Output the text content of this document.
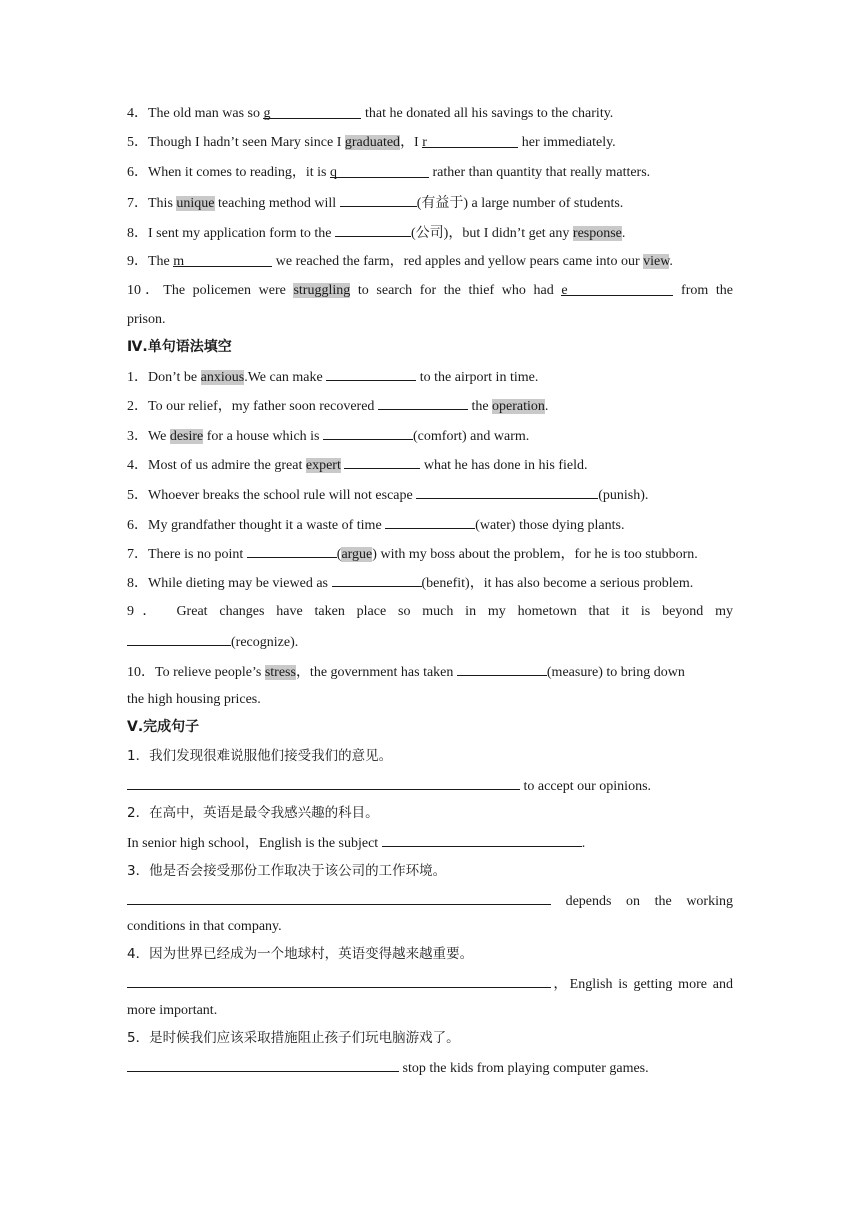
4．The old man was so g	that he donated all his savings to the charity.
5．Though I hadn’t seen Mary since I graduated，I r	her immediately.
6．When it comes to reading，it is q	rather than quantity that really matters.
7．This unique teaching method will	(有益于) a large number of students.
8．I sent my application form to the	(公司)，but I didn’t get any response.
9．The m	we reached the farm，red apples and yellow pears came into our view.
10．The policemen were struggling to search for the thief who had e	from the
prison.
Ⅳ.单句语法填空
1．Don’t be anxious.We can make	to the airport in time.
2．To our relief，my father soon recovered	the operation.
3．We desire for a house which is	(comfort) and warm.
4．Most of us admire the great expert	what he has done in his field.
5．Whoever breaks the school rule will not escape	(punish).
6．My grandfather thought it a waste of time	(water) those dying plants.
7．There is no point	(argue) with my boss about the problem，for he is too stubborn.
8．While dieting may be viewed as	(benefit)，it has also become a serious problem.
9． Great changes have taken place so much in my hometown that it is beyond my
(recognize).
10．To relieve people’s stress，the government has taken	(measure) to bring down
the high housing prices.
Ⅴ.完成句子
1．我们发现很难说服他们接受我们的意见。
to accept our opinions.
2．在高中，英语是最令我感兴趣的科目。
In senior high school，English is the subject	.
3．他是否会接受那份工作取决于该公司的工作环境。
depends on the working
conditions in that company.
4．因为世界已经成为一个地球村，英语变得越来越重要。
，English is getting more and
more important.
5．是时候我们应该采取措施阻止孩子们玩电脑游戏了。
stop the kids from playing computer games.
